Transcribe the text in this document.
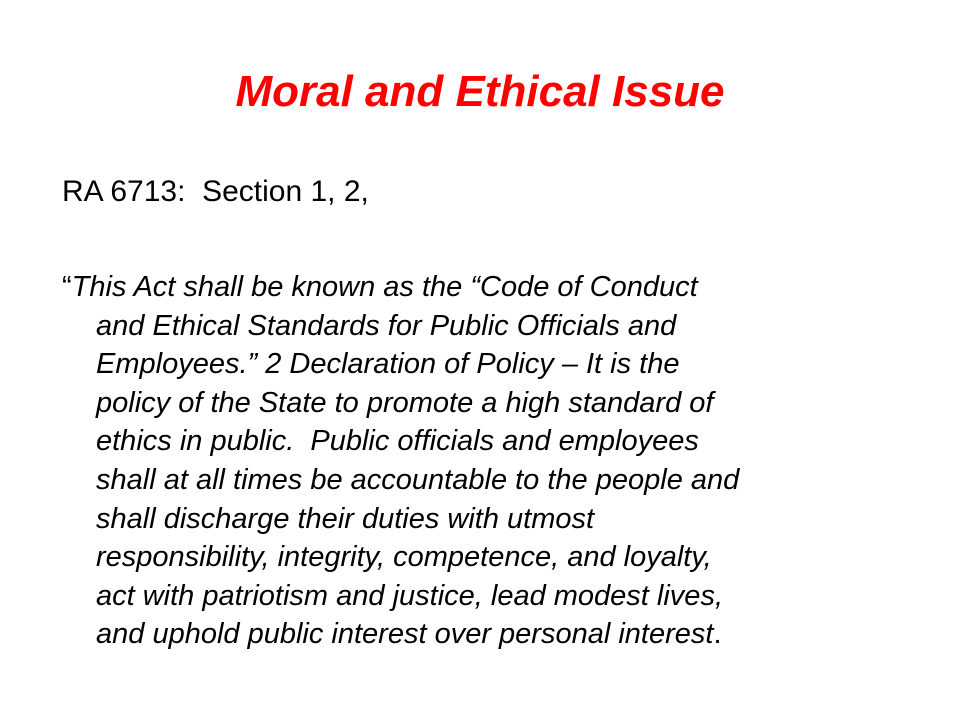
Moral and Ethical Issue

RA 6713:  Section 1, 2,

“This Act shall be known as the “Code of Conduct
and Ethical Standards for Public Officials and
Employees.” 2 Declaration of Policy – It is the
policy of the State to promote a high standard of
ethics in public.  Public officials and employees
shall at all times be accountable to the people and
shall discharge their duties with utmost
responsibility, integrity, competence, and loyalty,
act with patriotism and justice, lead modest lives,
and uphold public interest over personal interest.
